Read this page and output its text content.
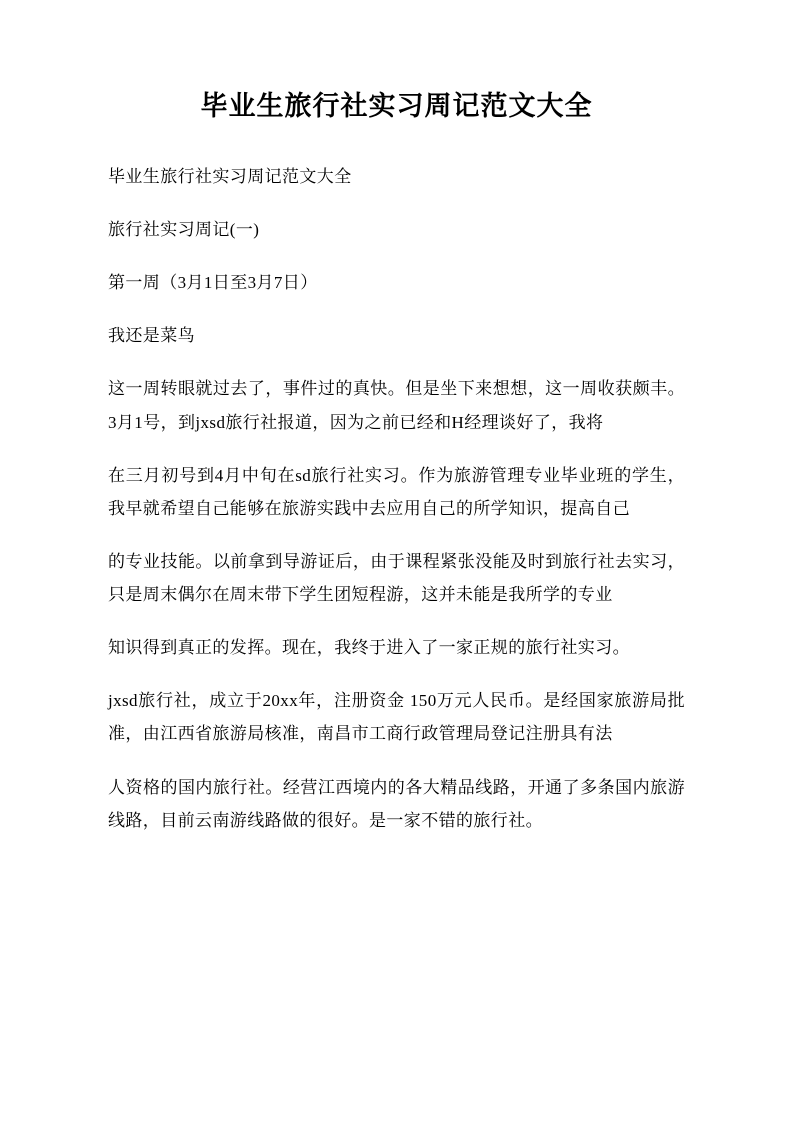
毕业生旅行社实习周记范文大全

毕业生旅行社实习周记范文大全

旅行社实习周记(一)

第一周（3月1日至3月7日）

我还是菜鸟

这一周转眼就过去了，事件过的真快。但是坐下来想想，这一周收获颇丰。3月1号，到jxsd旅行社报道，因为之前已经和H经理谈好了，我将

在三月初号到4月中旬在sd旅行社实习。作为旅游管理专业毕业班的学生，我早就希望自己能够在旅游实践中去应用自己的所学知识，提高自己

的专业技能。以前拿到导游证后，由于课程紧张没能及时到旅行社去实习，只是周末偶尔在周末带下学生团短程游，这并未能是我所学的专业

知识得到真正的发挥。现在，我终于进入了一家正规的旅行社实习。

jxsd旅行社，成立于20xx年，注册资金 150万元人民币。是经国家旅游局批准，由江西省旅游局核准，南昌市工商行政管理局登记注册具有法

人资格的国内旅行社。经营江西境内的各大精品线路，开通了多条国内旅游线路，目前云南游线路做的很好。是一家不错的旅行社。
